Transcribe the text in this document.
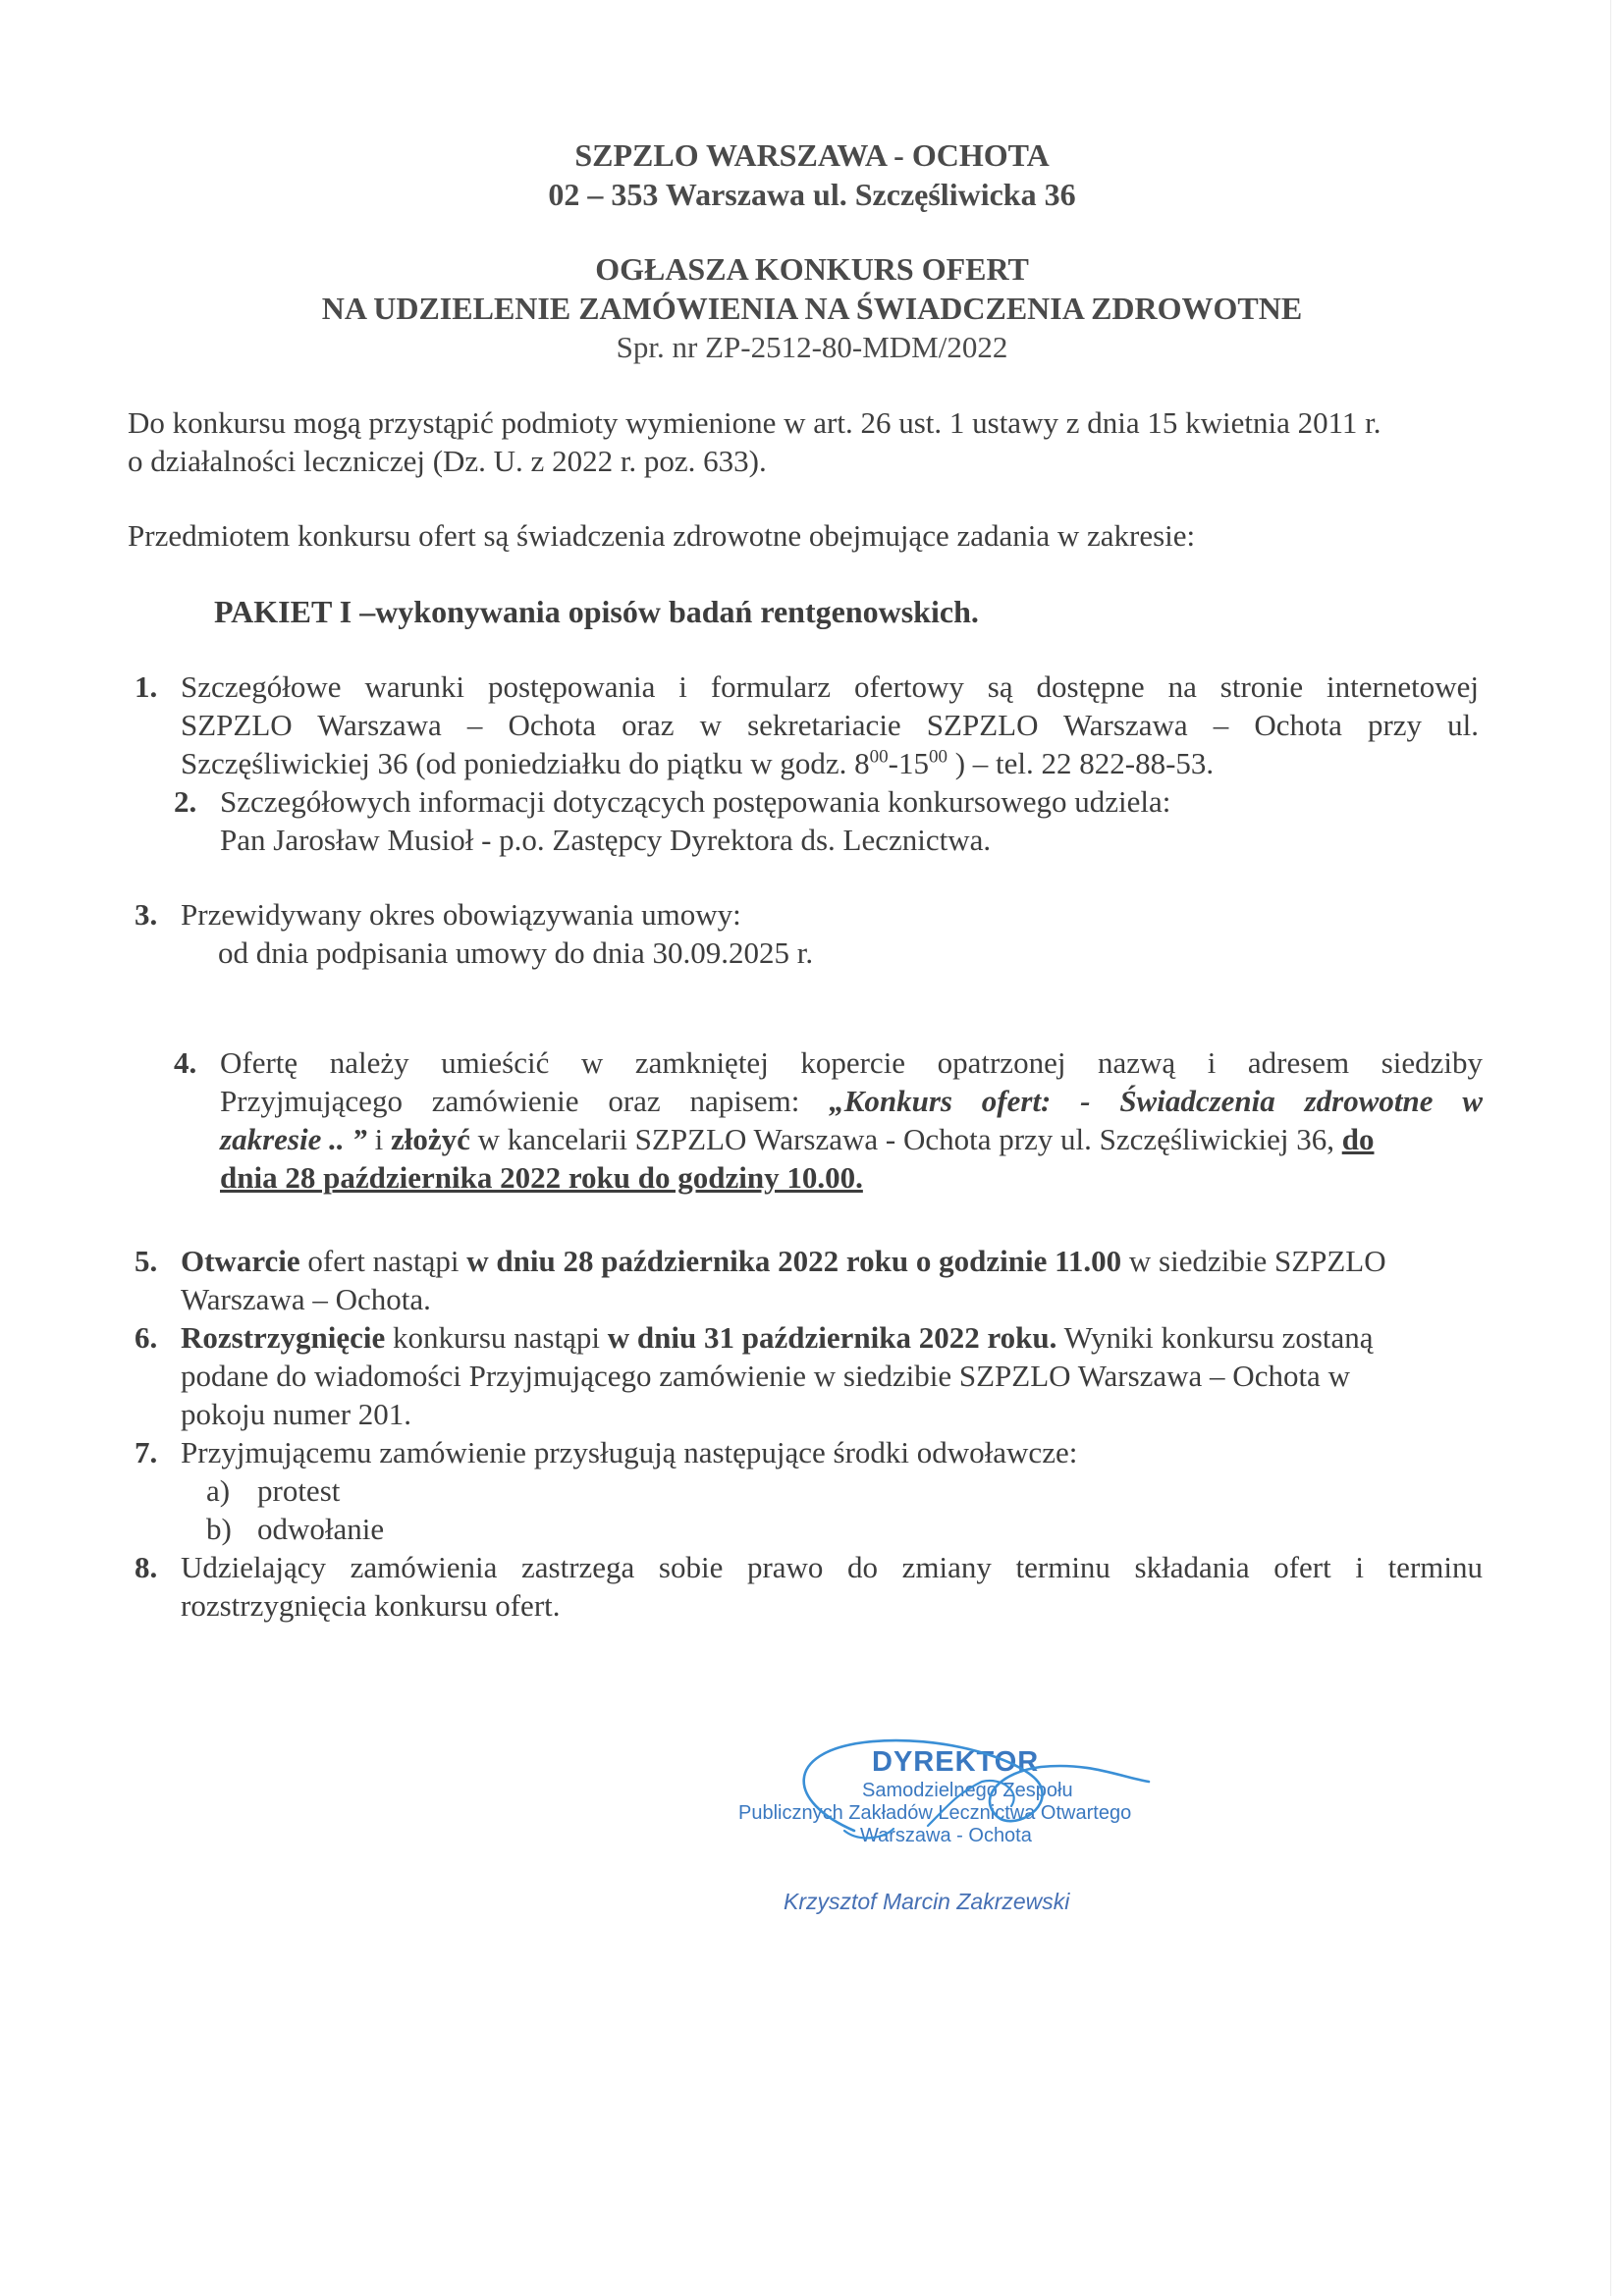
SZPZLO WARSZAWA - OCHOTA
02 – 353 Warszawa ul. Szczęśliwicka 36
OGŁASZA KONKURS OFERT
NA UDZIELENIE ZAMÓWIENIA NA ŚWIADCZENIA ZDROWOTNE
Spr. nr ZP-2512-80-MDM/2022
Do konkursu mogą przystąpić podmioty wymienione w art. 26 ust. 1 ustawy z dnia 15 kwietnia 2011 r.
o działalności leczniczej (Dz. U. z 2022 r. poz. 633).
Przedmiotem konkursu ofert są świadczenia zdrowotne obejmujące zadania w zakresie:
PAKIET I –wykonywania opisów badań rentgenowskich.
1. Szczegółowe warunki postępowania i formularz ofertowy są dostępne na stronie internetowej
SZPZLO Warszawa – Ochota oraz w sekretariacie SZPZLO Warszawa – Ochota przy ul.
Szczęśliwickiej 36 (od poniedziałku do piątku w godz. $8^{00}-15^{00}$ ) – tel. 22 822-88-53.
2. Szczegółowych informacji dotyczących postępowania konkursowego udziela:
Pan Jarosław Musioł - p.o. Zastępcy Dyrektora ds. Lecznictwa.
3. Przewidywany okres obowiązywania umowy:
od dnia podpisania umowy do dnia 30.09.2025 r.
4. Ofertę należy umieścić w zamkniętej kopercie opatrzonej nazwą i adresem siedziby
Przyjmującego zamówienie oraz napisem: „Konkurs ofert: - Świadczenia zdrowotne w
zakresie .. ” i złożyć w kancelarii SZPZLO Warszawa - Ochota przy ul. Szczęśliwickiej 36, do
dnia 28 października 2022 roku do godziny 10.00.
5. Otwarcie ofert nastąpi w dniu 28 października 2022 roku o godzinie 11.00 w siedzibie SZPZLO
Warszawa – Ochota.
6. Rozstrzygnięcie konkursu nastąpi w dniu 31 października 2022 roku. Wyniki konkursu zostaną
podane do wiadomości Przyjmującego zamówienie w siedzibie SZPZLO Warszawa – Ochota w
pokoju numer 201.
7. Przyjmującemu zamówienie przysługują następujące środki odwoławcze:
a) protest
b) odwołanie
8. Udzielający zamówienia zastrzega sobie prawo do zmiany terminu składania ofert i terminu
rozstrzygnięcia konkursu ofert.
DYREKTOR
Samodzielnego Zespołu
Publicznych Zakładów Lecznictwa Otwartego
Warszawa - Ochota
Krzysztof Marcin Zakrzewski
